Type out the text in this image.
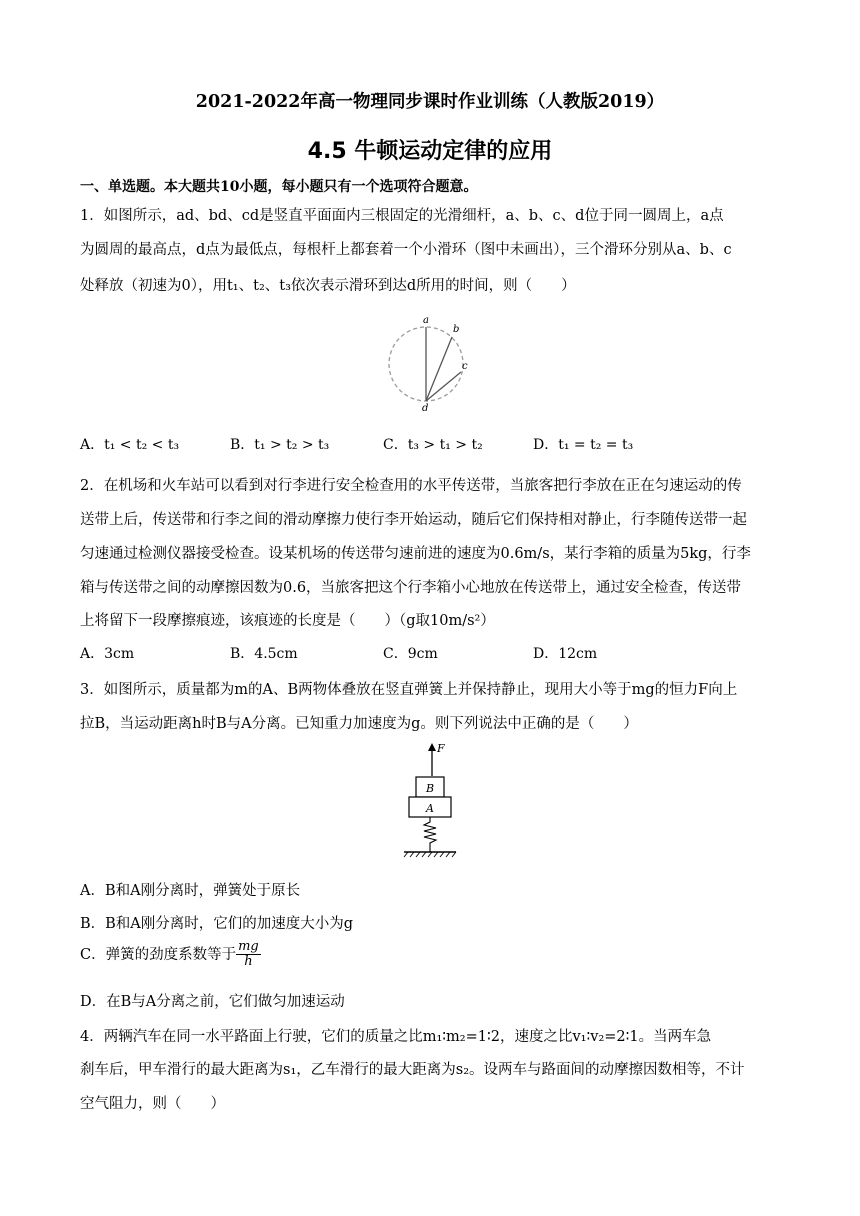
2021-2022年高一物理同步课时作业训练（人教版2019）
4.5 牛顿运动定律的应用
一、单选题。本大题共10小题，每小题只有一个选项符合题意。
1．如图所示，ad、bd、cd是竖直平面面内三根固定的光滑细杆，a、b、c、d位于同一圆周上，a点
为圆周的最高点，d点为最低点，每根杆上都套着一个小滑环（图中未画出），三个滑环分别从a、b、c
处释放（初速为0），用t₁、t₂、t₃依次表示滑环到达d所用的时间，则（　　）
a
b
c
d
A．t₁ < t₂ < t₃	B．t₁ > t₂ > t₃	C．t₃ > t₁ > t₂	D．t₁ = t₂ = t₃
2．在机场和火车站可以看到对行李进行安全检查用的水平传送带，当旅客把行李放在正在匀速运动的传
送带上后，传送带和行李之间的滑动摩擦力使行李开始运动，随后它们保持相对静止，行李随传送带一起
匀速通过检测仪器接受检查。设某机场的传送带匀速前进的速度为0.6m/s，某行李箱的质量为5kg，行李
箱与传送带之间的动摩擦因数为0.6，当旅客把这个行李箱小心地放在传送带上，通过安全检查，传送带
上将留下一段摩擦痕迹，该痕迹的长度是（　　）（g取10m/s²）
A．3cm	B．4.5cm	C．9cm	D．12cm
3．如图所示，质量都为m的A、B两物体叠放在竖直弹簧上并保持静止，现用大小等于mg的恒力F向上
拉B，当运动距离h时B与A分离。已知重力加速度为g。则下列说法中正确的是（　　）
F
B
A
A．B和A刚分离时，弹簧处于原长
B．B和A刚分离时，它们的加速度大小为g
C．弹簧的劲度系数等于 $\frac{mg}{h}$
D．在B与A分离之前，它们做匀加速运动
4．两辆汽车在同一水平路面上行驶，它们的质量之比m₁∶m₂=1∶2，速度之比v₁∶v₂=2∶1。当两车急
刹车后，甲车滑行的最大距离为s₁，乙车滑行的最大距离为s₂。设两车与路面间的动摩擦因数相等，不计
空气阻力，则（　　）
